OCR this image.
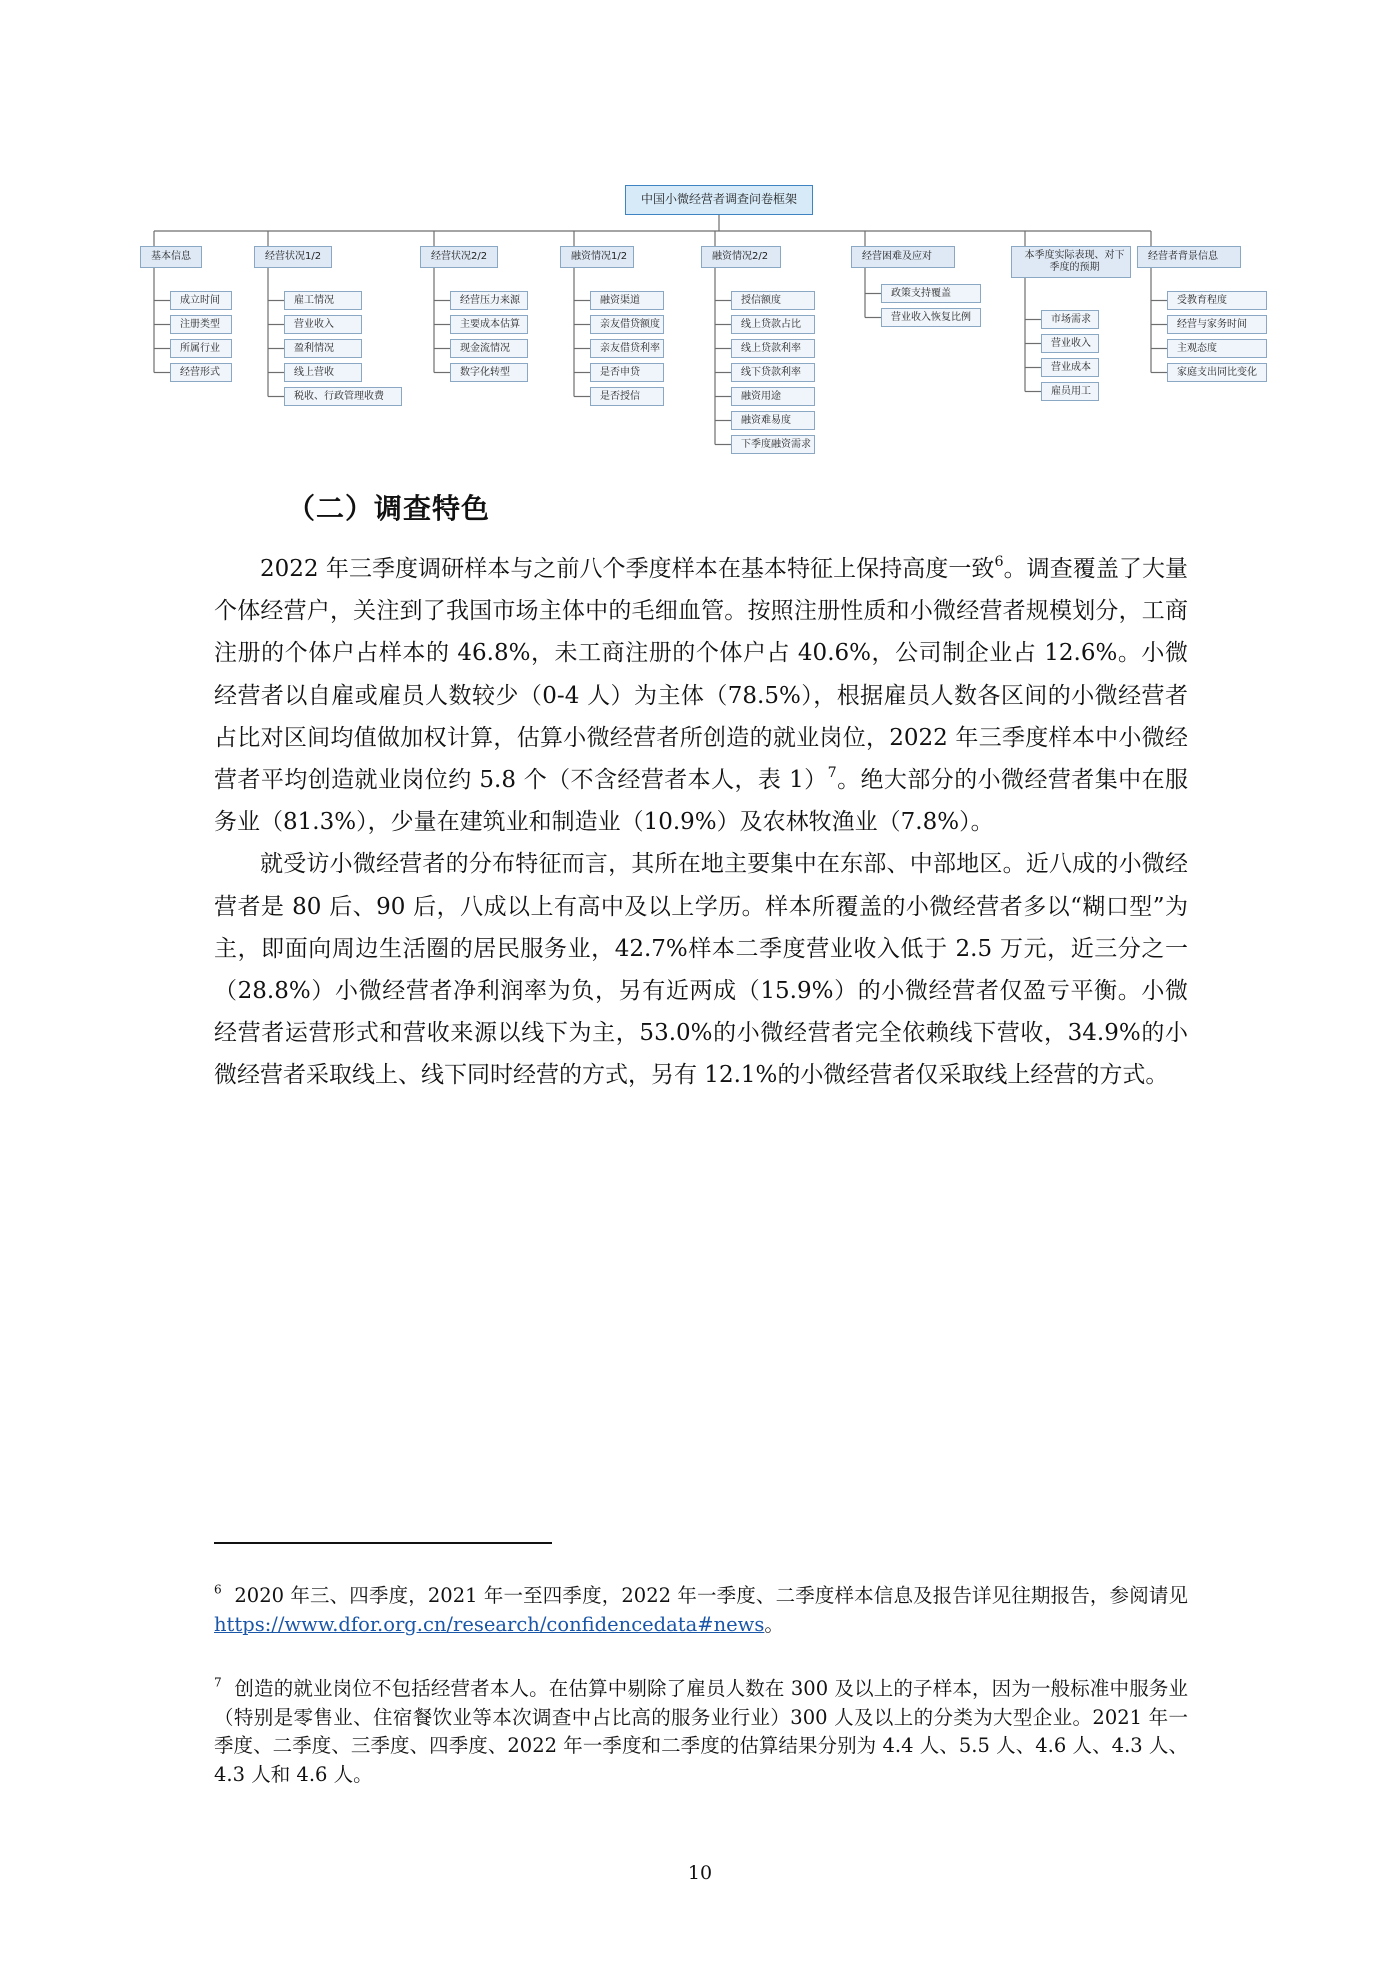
中国小微经营者调查问卷框架
基本信息
成立时间
注册类型
所属行业
经营形式
经营状况1/2
雇工情况
营业收入
盈利情况
线上营收
税收、行政管理收费
经营状况2/2
经营压力来源
主要成本估算
现金流情况
数字化转型
融资情况1/2
融资渠道
亲友借贷额度
亲友借贷利率
是否申贷
是否授信
融资情况2/2
授信额度
线上贷款占比
线上贷款利率
线下贷款利率
融资用途
融资难易度
下季度融资需求
经营困难及应对
政策支持覆盖
营业收入恢复比例
本季度实际表现、对下季度的预期
市场需求
营业收入
营业成本
雇员用工
经营者背景信息
受教育程度
经营与家务时间
主观态度
家庭支出同比变化
（二）调查特色

2022 年三季度调研样本与之前八个季度样本在基本特征上保持高度一致$^6$。调查覆盖了大量个体经营户，关注到了我国市场主体中的毛细血管。按照注册性质和小微经营者规模划分，工商注册的个体户占样本的 46.8%，未工商注册的个体户占 40.6%，公司制企业占 12.6%。小微经营者以自雇或雇员人数较少（0-4 人）为主体（78.5%），根据雇员人数各区间的小微经营者占比对区间均值做加权计算，估算小微经营者所创造的就业岗位，2022 年三季度样本中小微经营者平均创造就业岗位约 5.8 个（不含经营者本人，表 1）$^7$。绝大部分的小微经营者集中在服务业（81.3%），少量在建筑业和制造业（10.9%）及农林牧渔业（7.8%）。

就受访小微经营者的分布特征而言，其所在地主要集中在东部、中部地区。近八成的小微经营者是 80 后、90 后，八成以上有高中及以上学历。样本所覆盖的小微经营者多以“糊口型”为主，即面向周边生活圈的居民服务业，42.7%样本二季度营业收入低于 2.5 万元，近三分之一（28.8%）小微经营者净利润率为负，另有近两成（15.9%）的小微经营者仅盈亏平衡。小微经营者运营形式和营收来源以线下为主，53.0%的小微经营者完全依赖线下营收，34.9%的小微经营者采取线上、线下同时经营的方式，另有 12.1%的小微经营者仅采取线上经营的方式。

$^6$ 2020 年三、四季度，2021 年一至四季度，2022 年一季度、二季度样本信息及报告详见往期报告，参阅请见 https://www.dfor.org.cn/research/confidencedata#news。

$^7$ 创造的就业岗位不包括经营者本人。在估算中剔除了雇员人数在 300 及以上的子样本，因为一般标准中服务业（特别是零售业、住宿餐饮业等本次调查中占比高的服务业行业）300 人及以上的分类为大型企业。2021 年一季度、二季度、三季度、四季度、2022 年一季度和二季度的估算结果分别为 4.4 人、5.5 人、4.6 人、4.3 人、4.3 人和 4.6 人。

10
